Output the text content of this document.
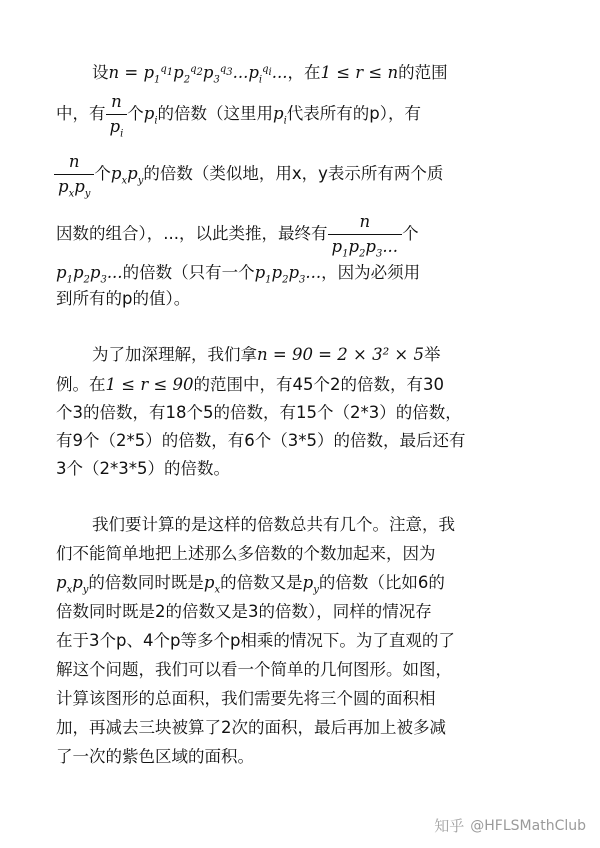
设$n = p_1^{q_1}p_2^{q_2}p_3^{q_3}...p_i^{q_i}$...，在1 ≤ r ≤ n的范围
中，有 $\frac{n}{p_i}$ 个$p_i$的倍数（这里用$p_i$代表所有的p），有
$\frac{n}{p_xp_y}$ 个$p_xp_y$的倍数（类似地，用x，y表示所有两个质
因数的组合），...，以此类推，最终有 $\frac{n}{p_1p_2p_3...}$ 个
$p_1p_2p_3$...的倍数（只有一个$p_1p_2p_3$...，因为必须用
到所有的p的值）。
为了加深理解，我们拿n = 90 = 2 × 3² × 5举
例。在1 ≤ r ≤ 90的范围中，有45个2的倍数，有30
个3的倍数，有18个5的倍数，有15个（2*3）的倍数，
有9个（2*5）的倍数，有6个（3*5）的倍数，最后还有
3个（2*3*5）的倍数。
我们要计算的是这样的倍数总共有几个。注意，我
们不能简单地把上述那么多倍数的个数加起来，因为
$p_xp_y$的倍数同时既是$p_x$的倍数又是$p_y$的倍数（比如6的
倍数同时既是2的倍数又是3的倍数），同样的情况存
在于3个p、4个p等多个p相乘的情况下。为了直观的了
解这个问题，我们可以看一个简单的几何图形。如图，
计算该图形的总面积，我们需要先将三个圆的面积相
加，再减去三块被算了2次的面积，最后再加上被多减
了一次的紫色区域的面积。
知乎 @HFLSMathClub
